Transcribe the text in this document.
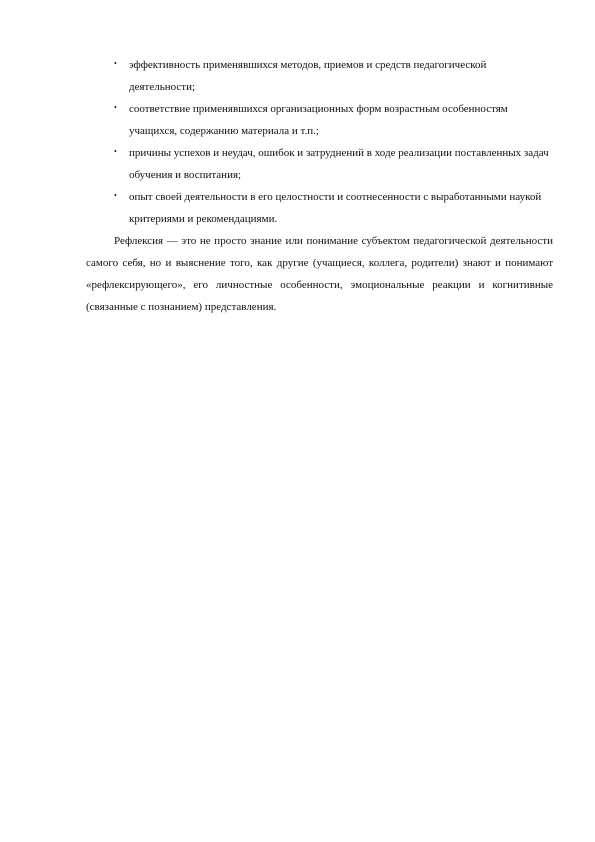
• эффективность применявшихся методов, приемов и средств педагогической деятельности;
• соответствие применявшихся организационных форм возрастным особенностям учащихся, содержанию материала и т.п.;
• причины успехов и неудач, ошибок и затруднений в ходе реализации поставленных задач обучения и воспитания;
• опыт своей деятельности в его целостности и соотнесенности с выработанными наукой критериями и рекомендациями.

Рефлексия — это не просто знание или понимание субъектом педагогической деятельности самого себя, но и выяснение того, как другие (учащиеся, коллега, родители) знают и понимают «рефлексирующего», его личностные особенности, эмоциональные реакции и когнитивные (связанные с познанием) представления.
